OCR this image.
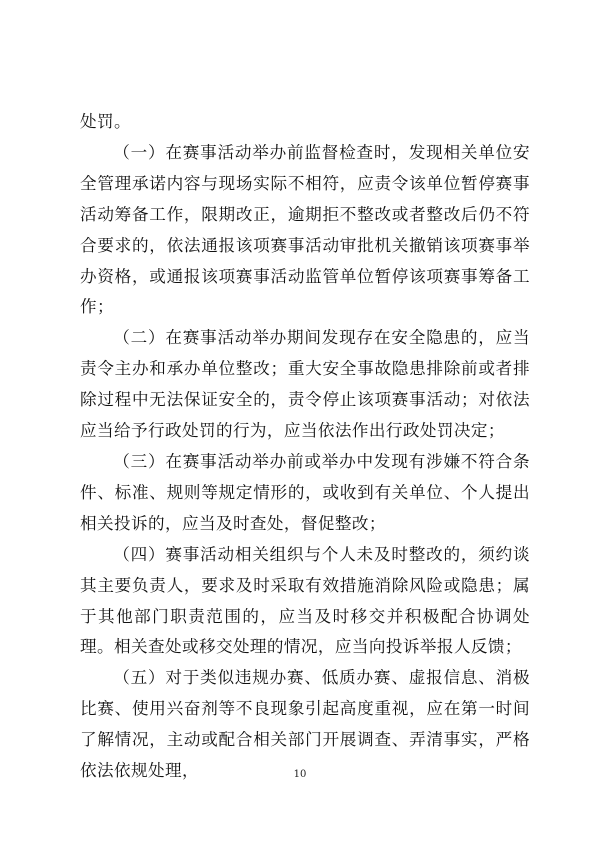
处罚。

（一）在赛事活动举办前监督检查时，发现相关单位安全管理承诺内容与现场实际不相符，应责令该单位暂停赛事活动筹备工作，限期改正，逾期拒不整改或者整改后仍不符合要求的，依法通报该项赛事活动审批机关撤销该项赛事举办资格，或通报该项赛事活动监管单位暂停该项赛事筹备工作；

（二）在赛事活动举办期间发现存在安全隐患的，应当责令主办和承办单位整改；重大安全事故隐患排除前或者排除过程中无法保证安全的，责令停止该项赛事活动；对依法应当给予行政处罚的行为，应当依法作出行政处罚决定；

（三）在赛事活动举办前或举办中发现有涉嫌不符合条件、标准、规则等规定情形的，或收到有关单位、个人提出相关投诉的，应当及时查处，督促整改；

（四）赛事活动相关组织与个人未及时整改的，须约谈其主要负责人，要求及时采取有效措施消除风险或隐患；属于其他部门职责范围的，应当及时移交并积极配合协调处理。相关查处或移交处理的情况，应当向投诉举报人反馈；

（五）对于类似违规办赛、低质办赛、虚报信息、消极比赛、使用兴奋剂等不良现象引起高度重视，应在第一时间了解情况，主动或配合相关部门开展调查、弄清事实，严格依法依规处理，	10
